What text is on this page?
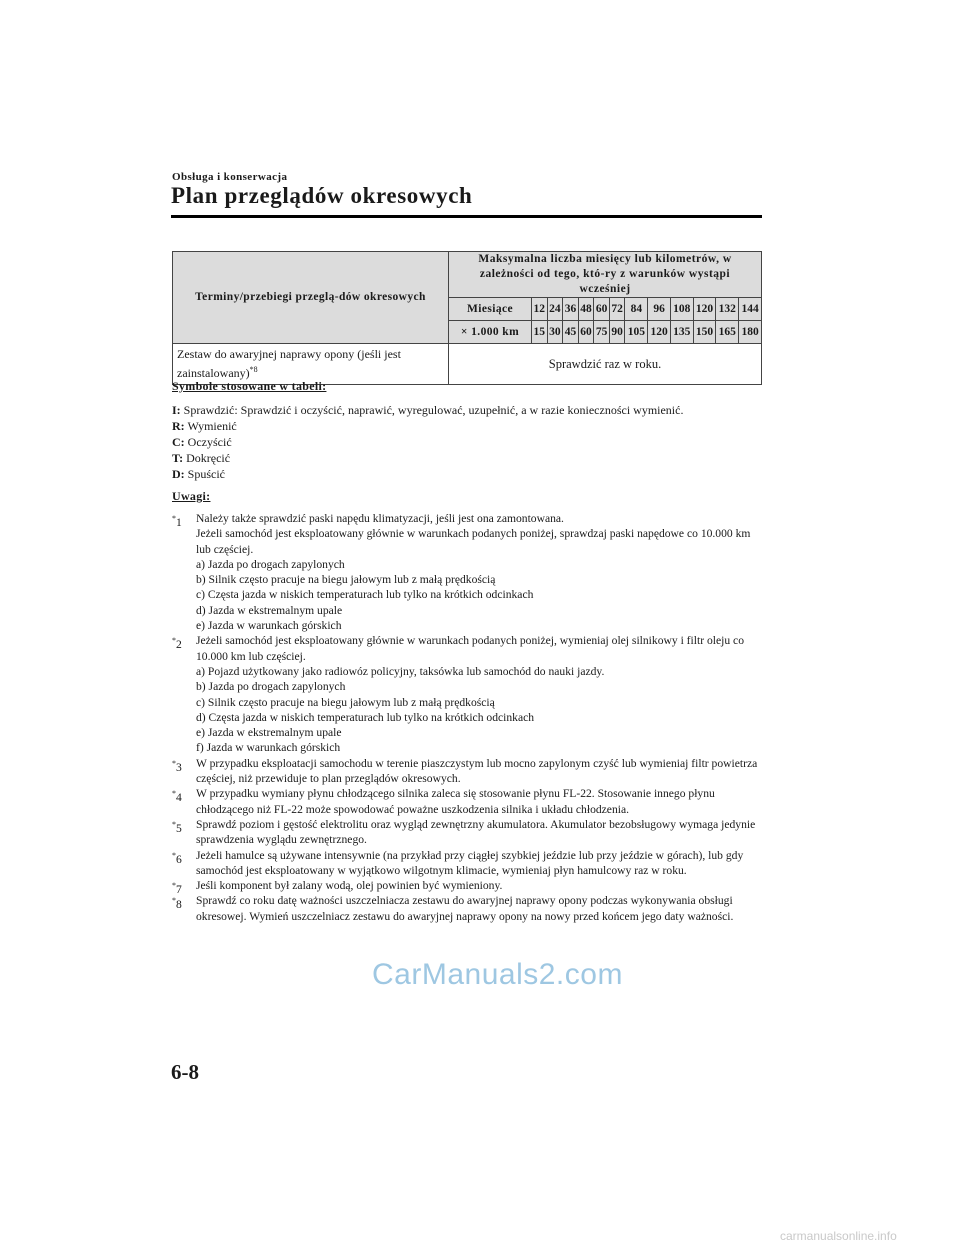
Obsługa i konserwacja
Plan przeglądów okresowych
Terminy/przebiegi przeglą-dów okresowych	Maksymalna liczba miesięcy lub kilometrów, w zależności od tego, któ-ry z warunków wystąpi wcześniej												
	Miesiące	12	24	36	48	60	72	84	96	108	120	132	144
	× 1.000 km	15	30	45	60	75	90	105	120	135	150	165	180
Zestaw do awaryjnej naprawy opony (jeśli jest zainstalowany)$^{*8}$	Sprawdzić raz w roku.												
Symbole stosowane w tabeli:
I: Sprawdzić: Sprawdzić i oczyścić, naprawić, wyregulować, uzupełnić, a w razie konieczności wymienić.
R: Wymienić
C: Oczyścić
T: Dokręcić
D: Spuścić
Uwagi:
*1 Należy także sprawdzić paski napędu klimatyzacji, jeśli jest ona zamontowana.
Jeżeli samochód jest eksploatowany głównie w warunkach podanych poniżej, sprawdzaj paski napędowe co 10.000 km lub częściej.
a) Jazda po drogach zapylonych
b) Silnik często pracuje na biegu jałowym lub z małą prędkością
c) Częsta jazda w niskich temperaturach lub tylko na krótkich odcinkach
d) Jazda w ekstremalnym upale
e) Jazda w warunkach górskich
*2 Jeżeli samochód jest eksploatowany głównie w warunkach podanych poniżej, wymieniaj olej silnikowy i filtr oleju co 10.000 km lub częściej.
a) Pojazd użytkowany jako radiowóz policyjny, taksówka lub samochód do nauki jazdy.
b) Jazda po drogach zapylonych
c) Silnik często pracuje na biegu jałowym lub z małą prędkością
d) Częsta jazda w niskich temperaturach lub tylko na krótkich odcinkach
e) Jazda w ekstremalnym upale
f) Jazda w warunkach górskich
*3 W przypadku eksploatacji samochodu w terenie piaszczystym lub mocno zapylonym czyść lub wymieniaj filtr powietrza częściej, niż przewiduje to plan przeglądów okresowych.
*4 W przypadku wymiany płynu chłodzącego silnika zaleca się stosowanie płynu FL-22. Stosowanie innego płynu chłodzącego niż FL-22 może spowodować poważne uszkodzenia silnika i układu chłodzenia.
*5 Sprawdź poziom i gęstość elektrolitu oraz wygląd zewnętrzny akumulatora. Akumulator bezobsługowy wymaga jedynie sprawdzenia wyglądu zewnętrznego.
*6 Jeżeli hamulce są używane intensywnie (na przykład przy ciągłej szybkiej jeździe lub przy jeździe w górach), lub gdy samochód jest eksploatowany w wyjątkowo wilgotnym klimacie, wymieniaj płyn hamulcowy raz w roku.
*7 Jeśli komponent był zalany wodą, olej powinien być wymieniony.
*8 Sprawdź co roku datę ważności uszczelniacza zestawu do awaryjnej naprawy opony podczas wykonywania obsługi okresowej. Wymień uszczelniacz zestawu do awaryjnej naprawy opony na nowy przed końcem jego daty ważności.
CarManuals2.com
6-8
carmanualsonline.info
